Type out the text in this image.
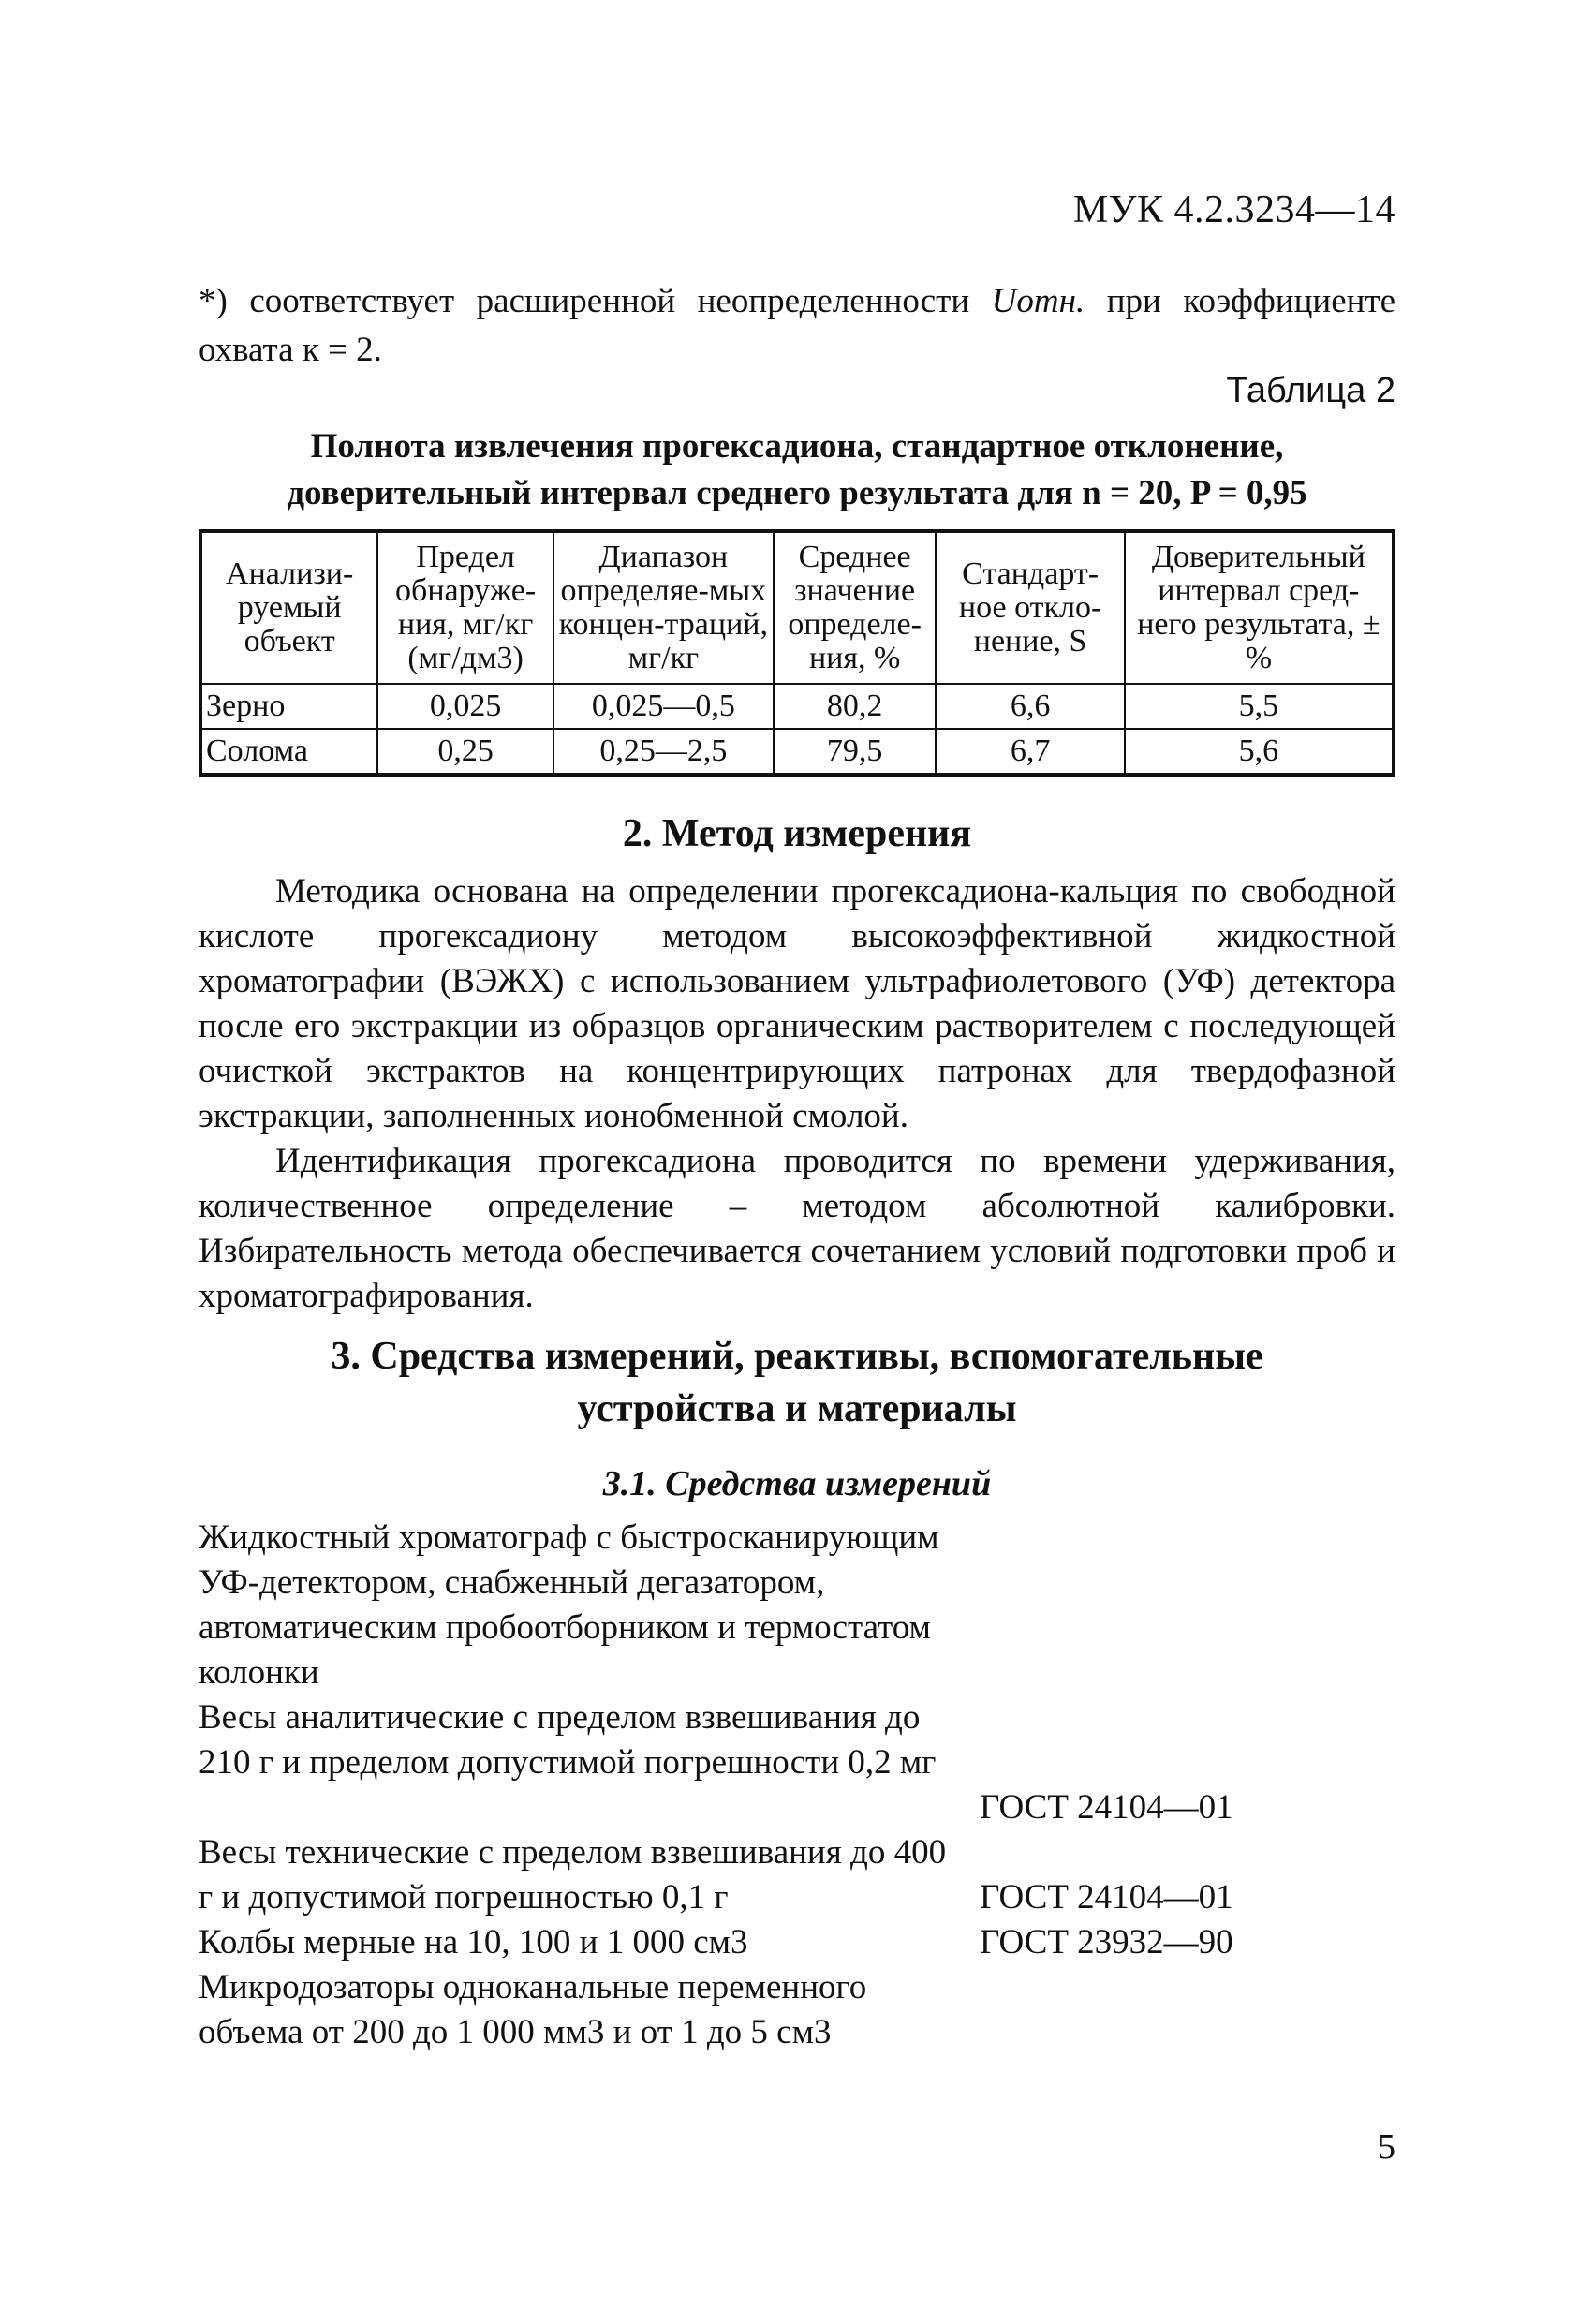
МУК 4.2.3234—14
*) соответствует расширенной неопределенности Uотн. при коэффициенте охвата к = 2.
Таблица 2
Полнота извлечения прогексадиона, стандартное отклонение,
доверительный интервал среднего результата для n = 20, P = 0,95
Анализи-руемый объект	Предел обнаруже-ния, мг/кг (мг/дм3)	Диапазон определяе-мых концен-траций, мг/кг	Среднее значение определе-ния, %	Стандарт-ное откло-нение, S	Доверительный интервал сред-него результата, ± %
Зерно	0,025	0,025—0,5	80,2	6,6	5,5
Солома	0,25	0,25—2,5	79,5	6,7	5,6
2. Метод измерения
Методика основана на определении прогексадиона-кальция по свободной кислоте прогексадиону методом высокоэффективной жидкостной хроматографии (ВЭЖХ) с использованием ультрафиолетового (УФ) детектора после его экстракции из образцов органическим растворителем с последующей очисткой экстрактов на концентрирующих патронах для твердофазной экстракции, заполненных ионобменной смолой.
Идентификация прогексадиона проводится по времени удерживания, количественное определение – методом абсолютной калибровки. Избирательность метода обеспечивается сочетанием условий подготовки проб и хроматографирования.
3. Средства измерений, реактивы, вспомогательные
устройства и материалы
3.1. Средства измерений
Жидкостный хроматограф с быстросканирующим УФ-детектором, снабженный дегазатором, автоматическим пробоотборником и термостатом колонки
Весы аналитические с пределом взвешивания до 210 г и пределом допустимой погрешности 0,2 мг
ГОСТ 24104—01
Весы технические с пределом взвешивания до 400 г и допустимой погрешностью 0,1 г	ГОСТ 24104—01
Колбы мерные на 10, 100 и 1 000 см3	ГОСТ 23932—90
Микродозаторы одноканальные переменного объема от 200 до 1 000 мм3 и от 1 до 5 см3
5
